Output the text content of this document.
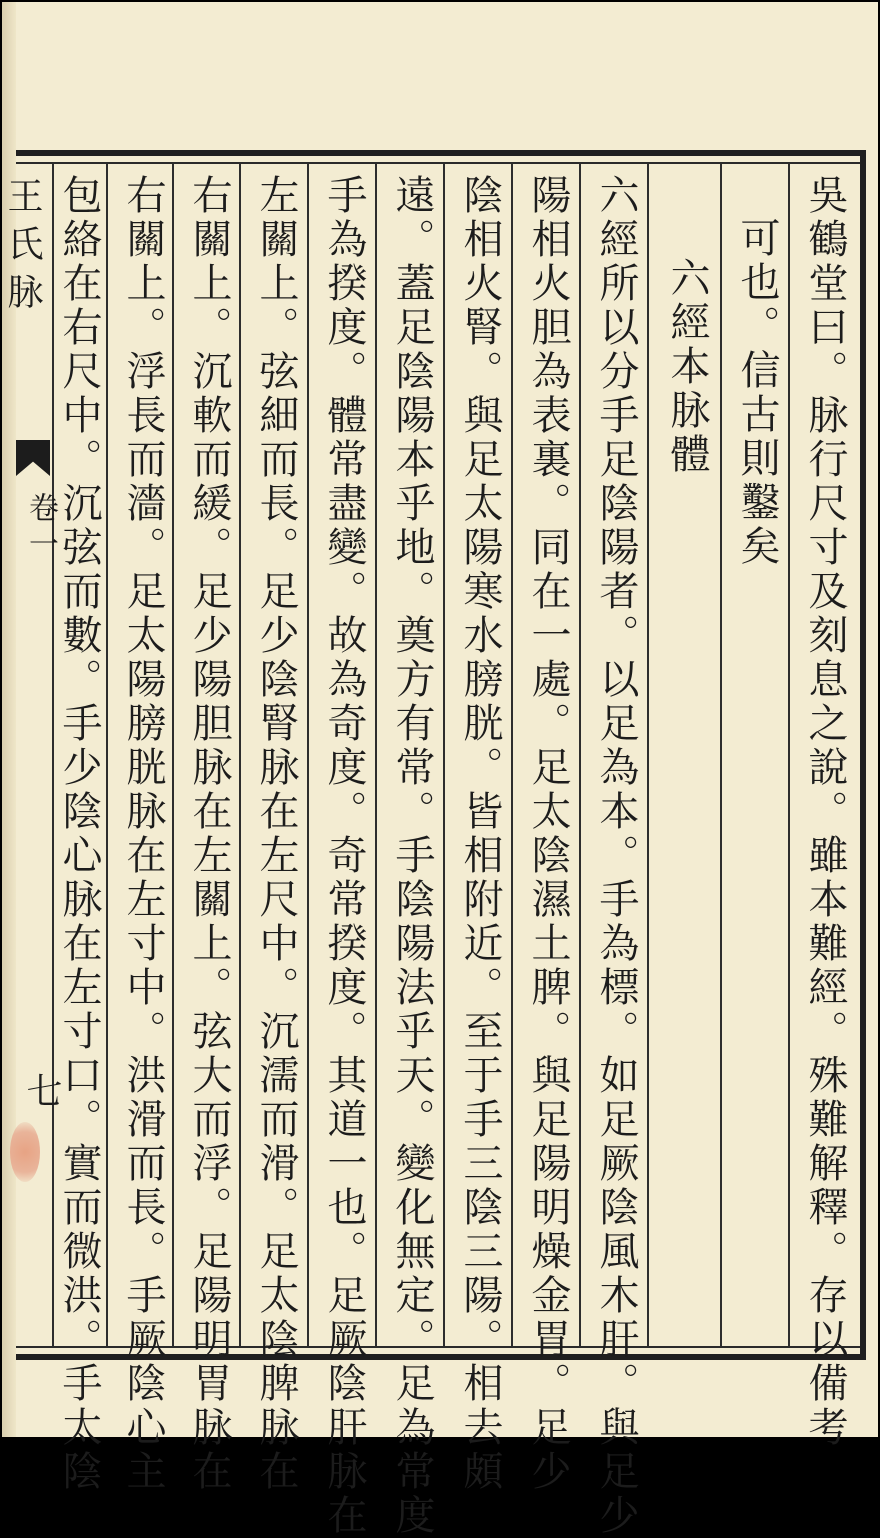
王氏脉
卷一
七	吳鶴堂曰。脉行尺寸及刻息之說。雖本難經。殊難解釋。存以備考
可也。信古則鑿矣
六經本脉體
六經所以分手足陰陽者。以足為本。手為標。如足厥陰風木肝。與足少
陽相火胆為表裏。同在一處。足太陰濕土脾。與足陽明燥金胃。足少
陰相火腎。與足太陽寒水膀胱。皆相附近。至于手三陰三陽。相去頗
遠。蓋足陰陽本乎地。奠方有常。手陰陽法乎天。變化無定。足為常度
手為揆度。體常盡變。故為奇度。奇常揆度。其道一也。足厥陰肝脉在
左關上。弦細而長。足少陰腎脉在左尺中。沉濡而滑。足太陰脾脉在
右關上。沉軟而緩。足少陽胆脉在左關上。弦大而浮。足陽明胃脉在
右關上。浮長而濇。足太陽膀胱脉在左寸中。洪滑而長。手厥陰心主
包絡在右尺中。沉弦而數。手少陰心脉在左寸口。實而微洪。手太陰
